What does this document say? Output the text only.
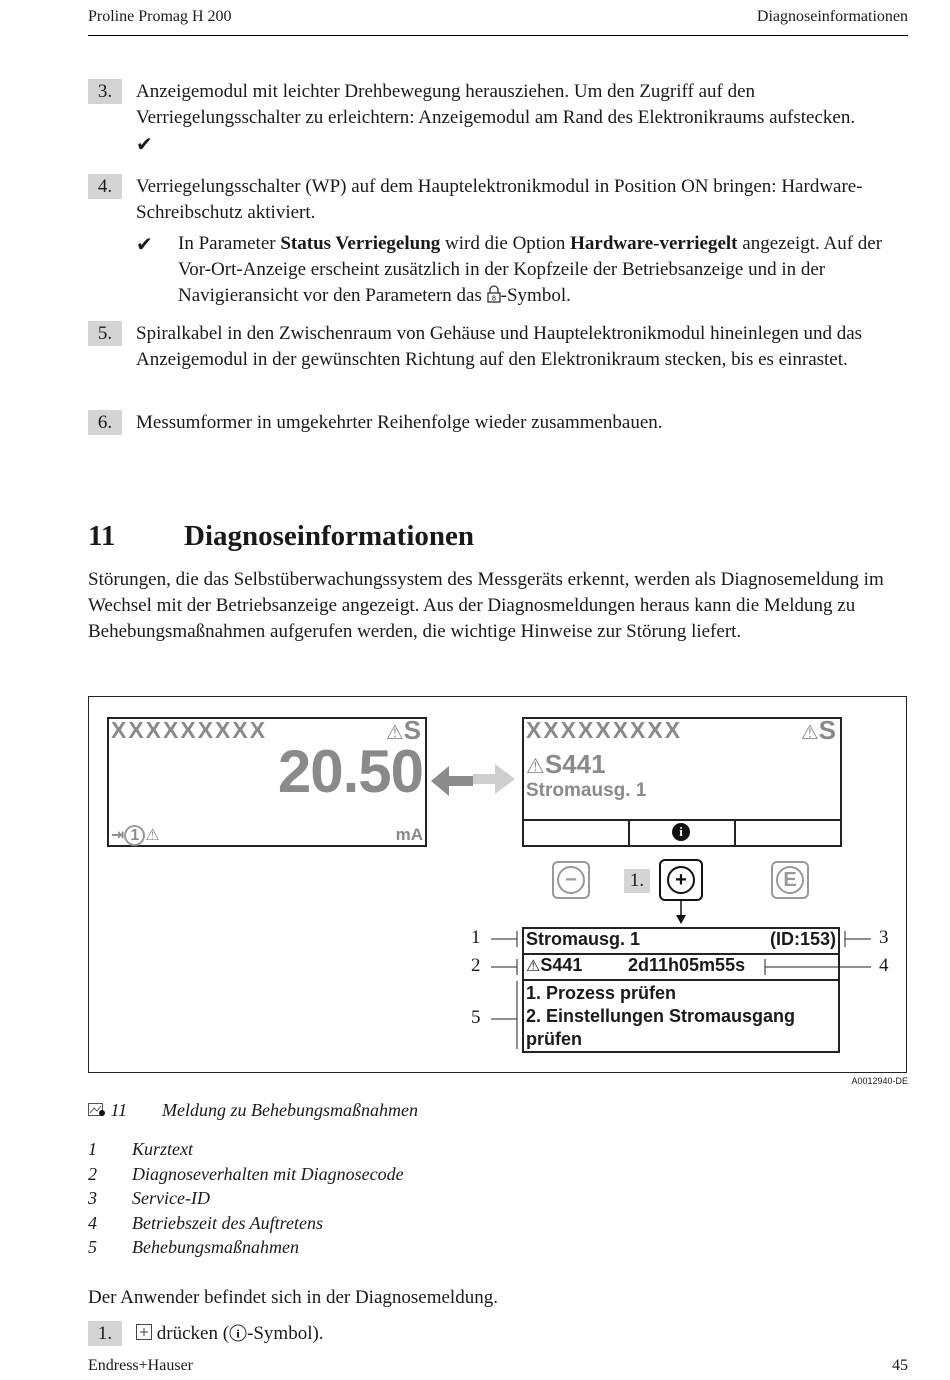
Proline Promag H 200	Diagnoseinformationen
3.	Anzeigemodul mit leichter Drehbewegung herausziehen. Um den Zugriff auf den Verriegelungsschalter zu erleichtern: Anzeigemodul am Rand des Elektronikraums aufstecken.
✔
4.	Verriegelungsschalter (WP) auf dem Hauptelektronikmodul in Position ON bringen: Hardware-Schreibschutz aktiviert.
✔ In Parameter Status Verriegelung wird die Option Hardware-verriegelt angezeigt. Auf der Vor-Ort-Anzeige erscheint zusätzlich in der Kopfzeile der Betriebsanzeige und in der Navigieransicht vor den Parametern das 8 -Symbol.
5.	Spiralkabel in den Zwischenraum von Gehäuse und Hauptelektronikmodul hineinlegen und das Anzeigemodul in der gewünschten Richtung auf den Elektronikraum stecken, bis es einrastet.
6.	Messumformer in umgekehrter Reihenfolge wieder zusammenbauen.
11 Diagnoseinformationen
Störungen, die das Selbstüberwachungssystem des Messgeräts erkennt, werden als Diagnosemeldung im Wechsel mit der Betriebsanzeige angezeigt. Aus der Diagnosmeldungen heraus kann die Meldung zu Behebungsmaßnahmen aufgerufen werden, die wichtige Hinweise zur Störung liefert.
XXXXXXXXX	⚠S
20.50
⇥ 1 ⚠	mA
XXXXXXXXX	⚠S
⚠S441
Stromausg. 1
i
−	1.	+	E
Stromausg. 1	(ID:153)
⚠S441	2d11h05m55s
1. Prozess prüfen
2. Einstellungen Stromausgang
prüfen
1
2
3
4
5
A0012940-DE
11 Meldung zu Behebungsmaßnahmen
1 Kurztext
2 Diagnoseverhalten mit Diagnosecode
3 Service-ID
4 Betriebszeit des Auftretens
5 Behebungsmaßnahmen
Der Anwender befindet sich in der Diagnosemeldung.
1.	drücken ( i -Symbol).
Endress+Hauser	45
